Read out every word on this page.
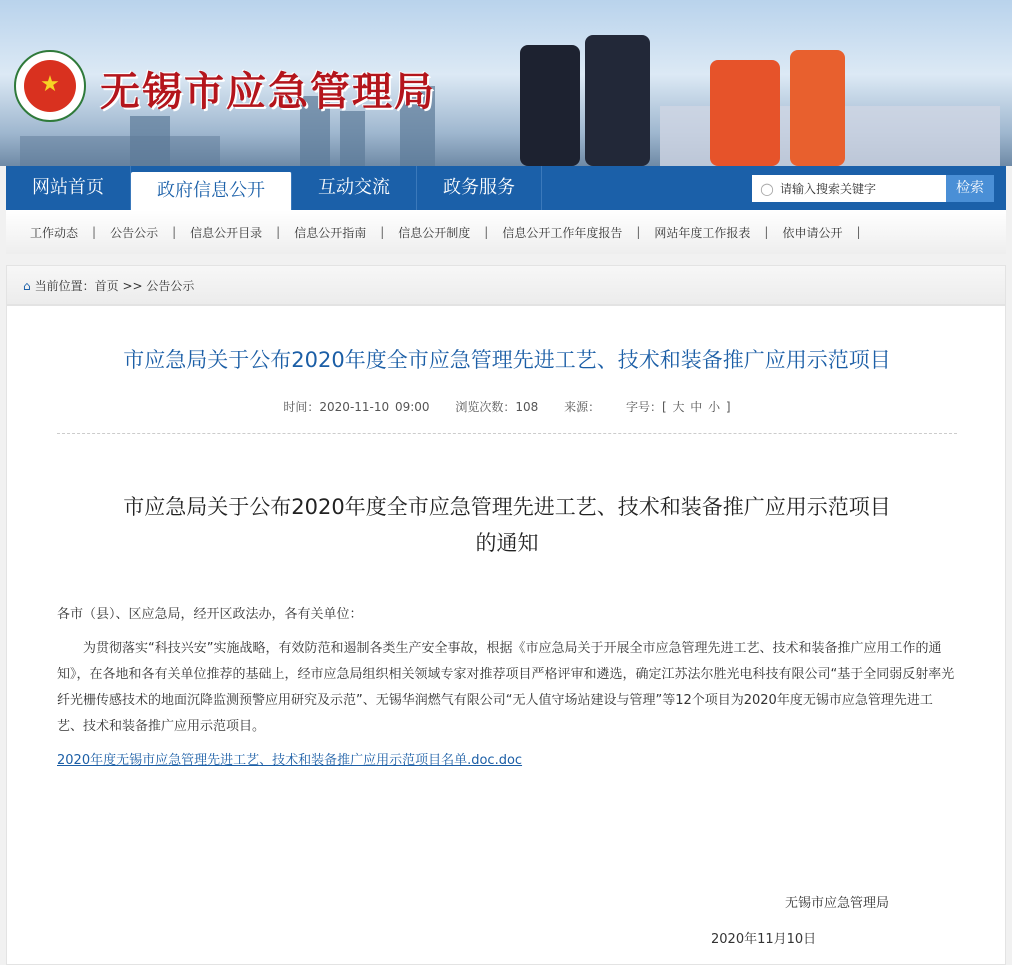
★	无锡市应急管理局
网站首页	政府信息公开	互动交流	政务服务	○ 请输入搜索关键字	检索
工作动态 | 公告公示 | 信息公开目录 | 信息公开指南 | 信息公开制度 | 信息公开工作年度报告 | 网站年度工作报表 | 依申请公开 |
⌂ 当前位置：首页 >> 公告公示
市应急局关于公布2020年度全市应急管理先进工艺、技术和装备推广应用示范项目
时间：2020-11-10 09:00 浏览次数：108 来源： 字号：[ 大 中 小 ]
市应急局关于公布2020年度全市应急管理先进工艺、技术和装备推广应用示范项目
的通知

各市（县）、区应急局，经开区政法办，各有关单位：

为贯彻落实“科技兴安”实施战略，有效防范和遏制各类生产安全事故，根据《市应急局关于开展全市应急管理先进工艺、技术和装备推广应用工作的通知》，在各地和各有关单位推荐的基础上，经市应急局组织相关领域专家对推荐项目严格评审和遴选，确定江苏法尔胜光电科技有限公司“基于全同弱反射率光纤光栅传感技术的地面沉降监测预警应用研究及示范”、无锡华润燃气有限公司“无人值守场站建设与管理”等12个项目为2020年度无锡市应急管理先进工艺、技术和装备推广应用示范项目。

2020年度无锡市应急管理先进工艺、技术和装备推广应用示范项目名单.doc.doc

无锡市应急管理局
2020年11月10日
